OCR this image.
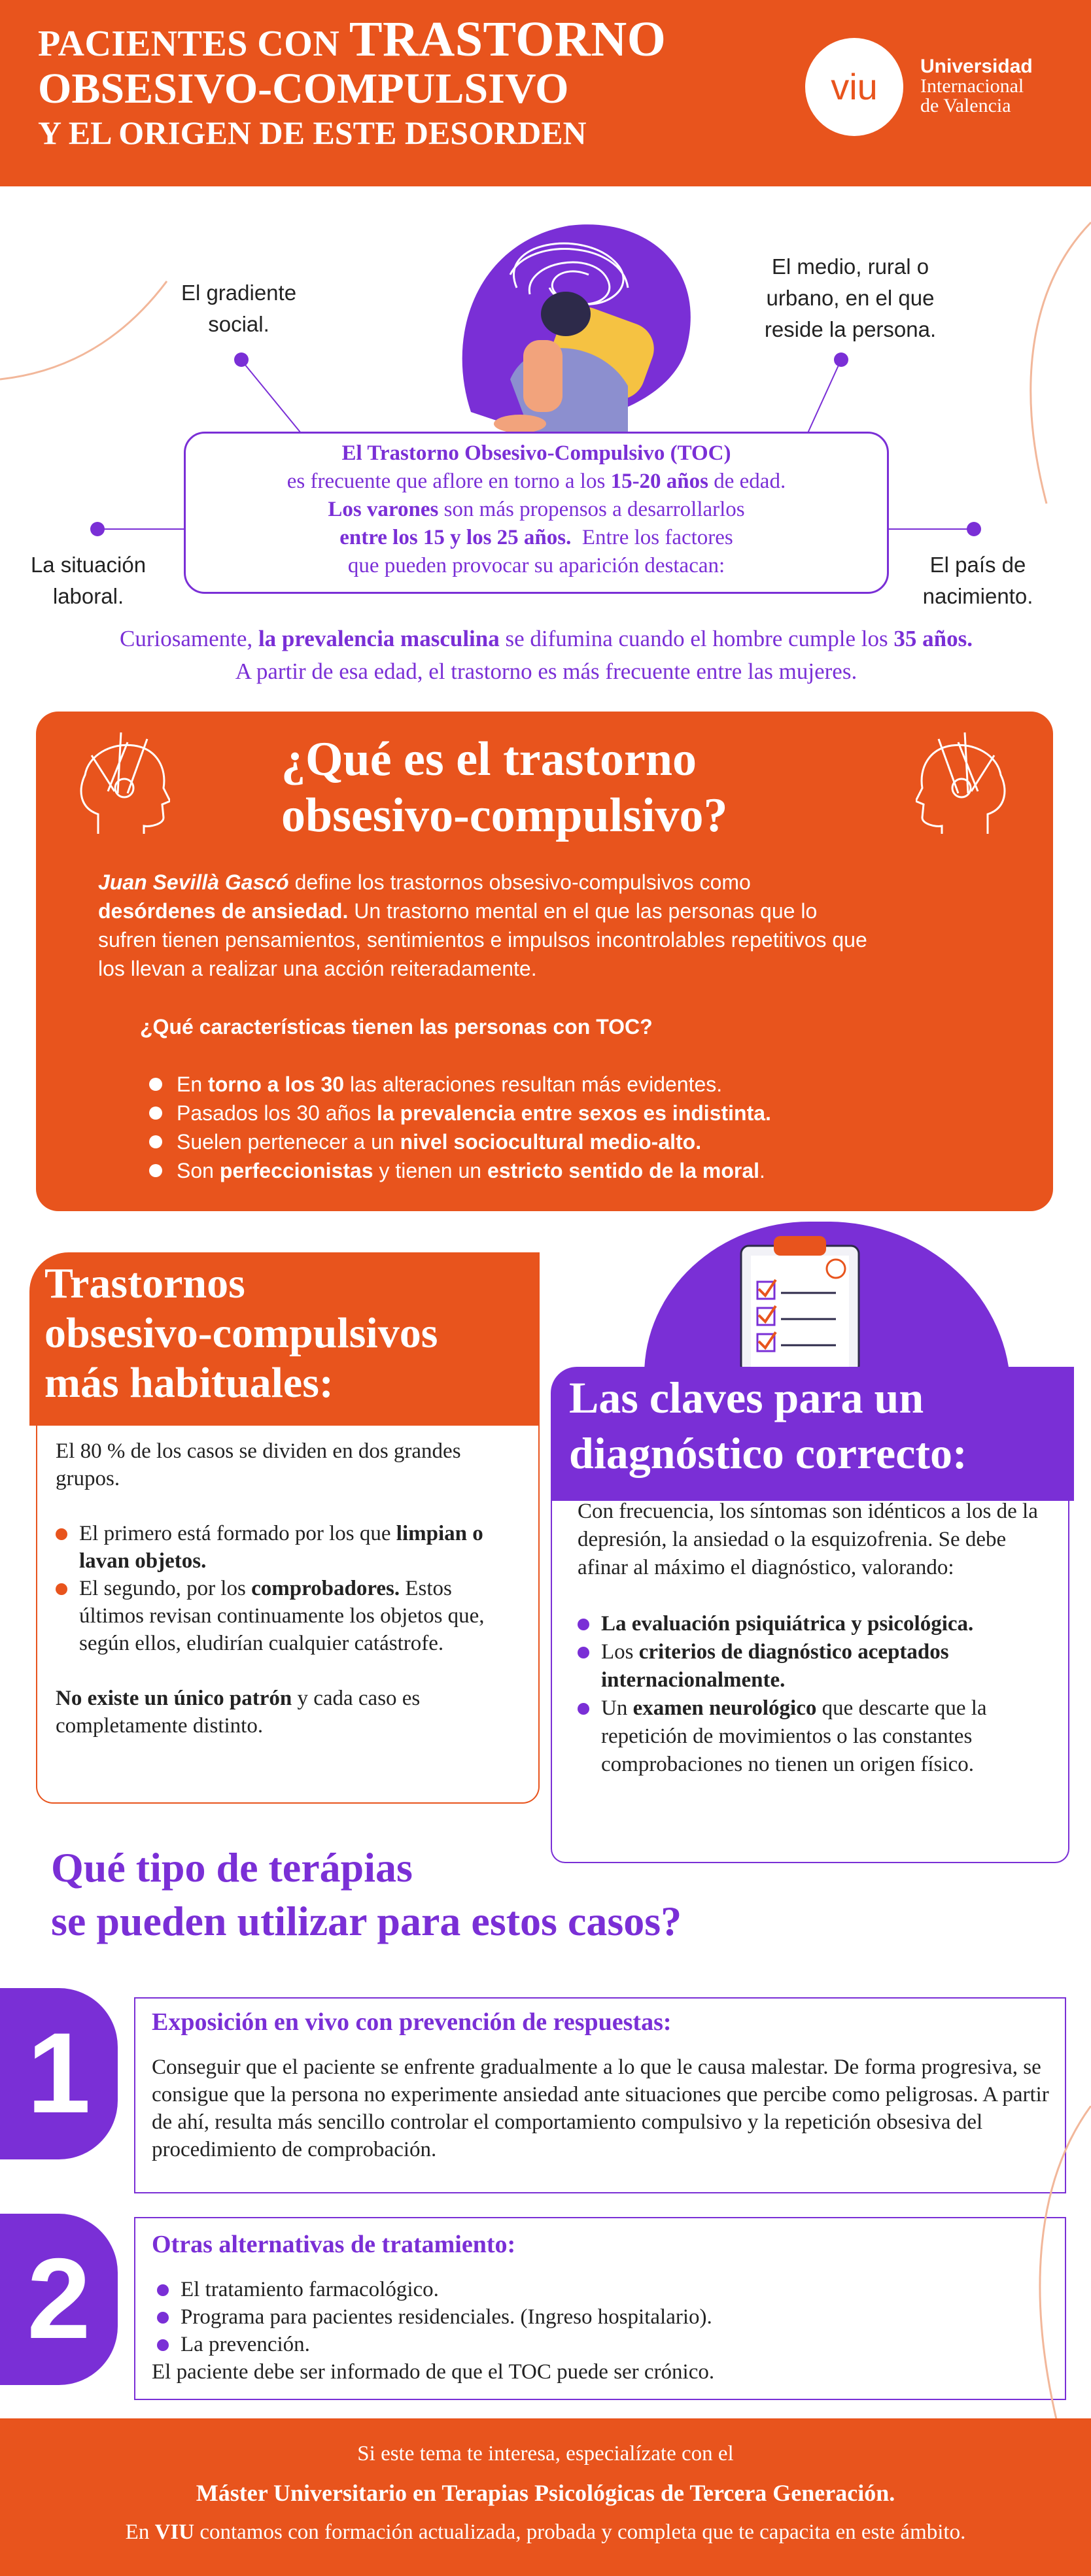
PACIENTES CON TRASTORNO
OBSESIVO-COMPULSIVO
Y EL ORIGEN DE ESTE DESORDEN
viu	Universidad
Internacional
de Valencia
El gradiente
social.
El medio, rural o
urbano, en el que
reside la persona.
La situación
laboral.
El país de
nacimiento.
El Trastorno Obsesivo-Compulsivo (TOC)
es frecuente que aflore en torno a los 15-20 años de edad.
Los varones son más propensos a desarrollarlos
entre los 15 y los 25 años.  Entre los factores
que pueden provocar su aparición destacan:
Curiosamente, la prevalencia masculina se difumina cuando el hombre cumple los 35 años. A partir de esa edad, el trastorno es más frecuente entre las mujeres.
¿Qué es el trastorno
obsesivo-compulsivo?
Juan Sevillà Gascó define los trastornos obsesivo-compulsivos como desórdenes de ansiedad. Un trastorno mental en el que las personas que lo sufren tienen pensamientos, sentimientos e impulsos incontrolables repetitivos que los llevan a realizar una acción reiteradamente.
¿Qué características tienen las personas con TOC?
En torno a los 30 las alteraciones resultan más evidentes.
Pasados los 30 años la prevalencia entre sexos es indistinta.
Suelen pertenecer a un nivel sociocultural medio-alto.
Son perfeccionistas y tienen un estricto sentido de la moral.
Trastornos
obsesivo-compulsivos
más habituales:
El 80 % de los casos se dividen en dos grandes grupos.
El primero está formado por los que limpian o lavan objetos.
El segundo, por los comprobadores. Estos últimos revisan continuamente los objetos que, según ellos, eludirían cualquier catástrofe.
No existe un único patrón y cada caso es completamente distinto.
Las claves para un
diagnóstico correcto:
Con frecuencia, los síntomas son idénticos a los de la depresión, la ansiedad o la esquizofrenia. Se debe afinar al máximo el diagnóstico, valorando:
La evaluación psiquiátrica y psicológica.
Los criterios de diagnóstico aceptados internacionalmente.
Un examen neurológico que descarte que la repetición de movimientos o las constantes comprobaciones no tienen un origen físico.
Qué tipo de terápias
se pueden utilizar para estos casos?
1	Exposición en vivo con prevención de respuestas:
Conseguir que el paciente se enfrente gradualmente a lo que le causa malestar. De forma progresiva, se consigue que la persona no experimente ansiedad ante situaciones que percibe como peligrosas. A partir de ahí, resulta más sencillo controlar el comportamiento compulsivo y la repetición obsesiva del procedimiento de comprobación.
2	Otras alternativas de tratamiento:
El tratamiento farmacológico.
Programa para pacientes residenciales. (Ingreso hospitalario).
La prevención.
El paciente debe ser informado de que el TOC puede ser crónico.
Si este tema te interesa, especialízate con el
Máster Universitario en Terapias Psicológicas de Tercera Generación.
En VIU contamos con formación actualizada, probada y completa que te capacita en este ámbito.
